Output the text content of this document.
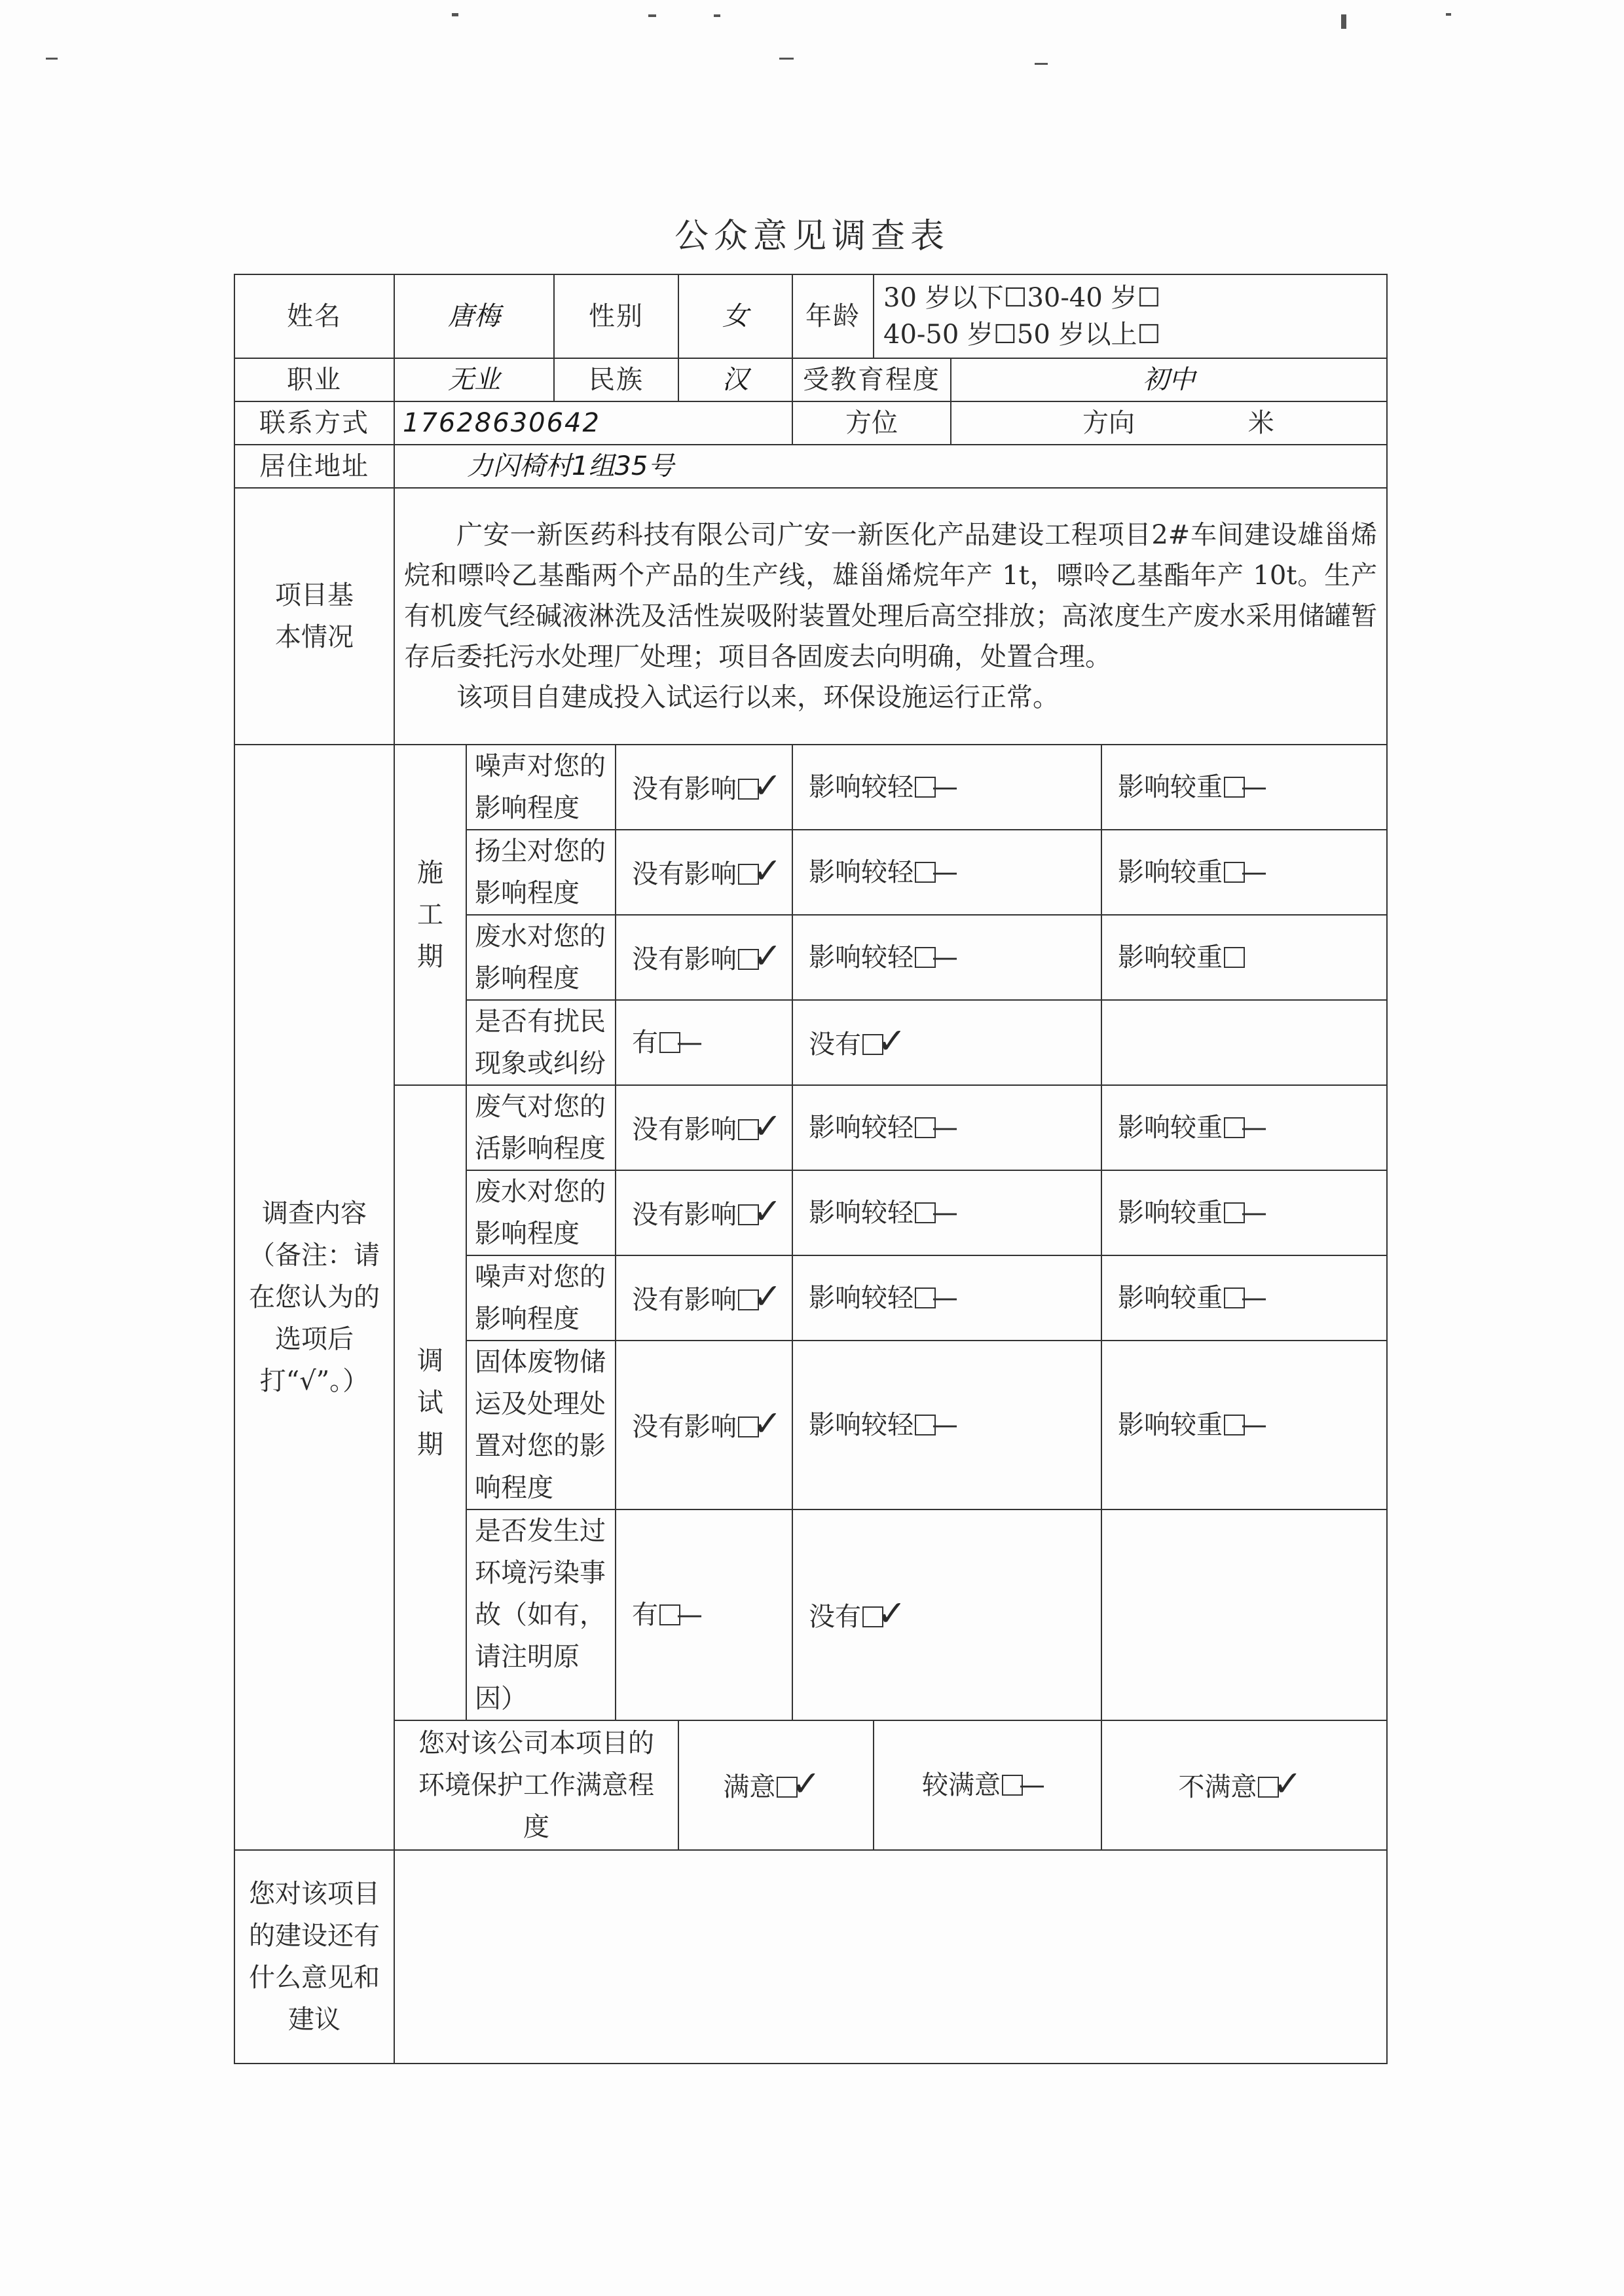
公众意见调查表
姓名	唐梅		性别		女	年龄	30 岁以下☐30-40 岁☐
40-50 岁☐50 岁以上☐		

职业	无业		民族		汉	受教育程度		初中	
联系方式	17628630642					方位		方向 米	
居住地址	力闪椅村1组35号								
项目基本情况	广安一新医药科技有限公司广安一新医化产品建设工程项目2#车间建设雄甾烯烷和嘌呤乙基酯两个产品的生产线，雄甾烯烷年产 1t，嘌呤乙基酯年产 10t。生产有机废气经碱液淋洗及活性炭吸附装置处理后高空排放；高浓度生产废水采用储罐暂存后委托污水处理厂处理；项目各固废去向明确，处置合理。
该项目自建成投入试运行以来，环保设施运行正常。								

调查内容（备注：请在您认为的选项后打“√”。）	施工期	噪声对您的影响程度		没有影响 ✓		影响较轻 —			影响较重 —
		扬尘对您的影响程度		没有影响 ✓		影响较轻 —			影响较重 —
		废水对您的影响程度		没有影响 ✓		影响较轻 —			影响较重
		是否有扰民现象或纠纷		有 —		没有 ✓			
	调试期	废气对您的活影响程度		没有影响 ✓		影响较轻 —			影响较重 —
		废水对您的影响程度		没有影响 ✓		影响较轻 —			影响较重 —
		噪声对您的影响程度		没有影响 ✓		影响较轻 —			影响较重 —
		固体废物储运及处理处置对您的影响程度		没有影响 ✓		影响较轻 —			影响较重 —
		是否发生过环境污染事故（如有，请注明原因）		有 —		没有 ✓			
	您对该公司本项目的环境保护工作满意程度				满意 ✓		较满意 —		不满意 ✓
您对该项目的建设还有什么意见和建议									
